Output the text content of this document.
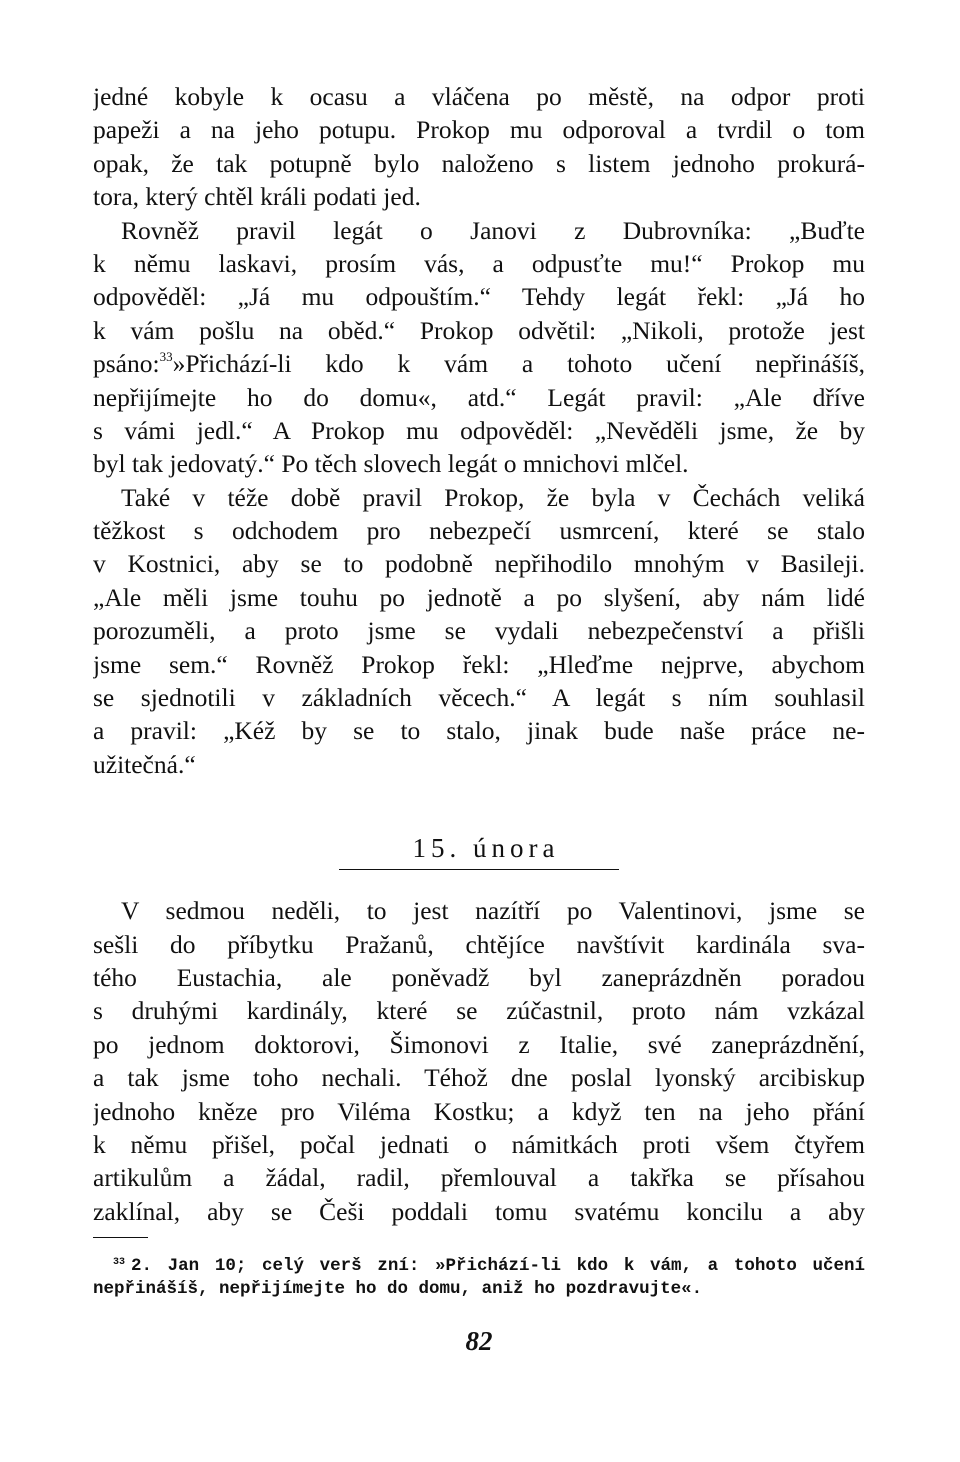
jedné kobyle k ocasu a vláčena po městě, na odpor proti
papeži a na jeho potupu. Prokop mu odporoval a tvrdil o tom
opak, že tak potupně bylo naloženo s listem jednoho prokurá-
tora, který chtěl králi podati jed.
Rovněž pravil legát o Janovi z Dubrovníka: „Buďte
k němu laskavi, prosím vás, a odpusťte mu!“ Prokop mu
odpověděl: „Já mu odpouštím.“ Tehdy legát řekl: „Já ho
k vám pošlu na oběd.“ Prokop odvětil: „Nikoli, protože jest
psáno:$^{33}$»Přichází-li kdo k vám a tohoto učení nepřinášíš,
nepřijímejte ho do domu«, atd.“ Legát pravil: „Ale dříve
s vámi jedl.“ A Prokop mu odpověděl: „Nevěděli jsme, že by
byl tak jedovatý.“ Po těch slovech legát o mnichovi mlčel.
Také v téže době pravil Prokop, že byla v Čechách veliká
těžkost s odchodem pro nebezpečí usmrcení, které se stalo
v Kostnici, aby se to podobně nepřihodilo mnohým v Basileji.
„Ale měli jsme touhu po jednotě a po slyšení, aby nám lidé
porozuměli, a proto jsme se vydali nebezpečenství a přišli
jsme sem.“ Rovněž Prokop řekl: „Hleďme nejprve, abychom
se sjednotili v základních věcech.“ A legát s ním souhlasil
a pravil: „Kéž by se to stalo, jinak bude naše práce ne-
užitečná.“
15. února
V sedmou neděli, to jest nazítří po Valentinovi, jsme se
sešli do příbytku Pražanů, chtějíce navštívit kardinála sva-
tého Eustachia, ale poněvadž byl zaneprázdněn poradou
s druhými kardinály, které se zúčastnil, proto nám vzkázal
po jednom doktorovi, Šimonovi z Italie, své zaneprázdnění,
a tak jsme toho nechali. Téhož dne poslal lyonský arcibiskup
jednoho kněze pro Viléma Kostku; a když ten na jeho přání
k němu přišel, počal jednati o námitkách proti všem čtyřem
artikulům a žádal, radil, přemlouval a takřka se přísahou
zaklínal, aby se Češi poddali tomu svatému koncilu a aby
$^{33}$ 2. Jan 10; celý verš zní: »Přichází-li kdo k vám, a tohoto učení
nepřinášíš, nepřijímejte ho do domu, aniž ho pozdravujte«.
82
